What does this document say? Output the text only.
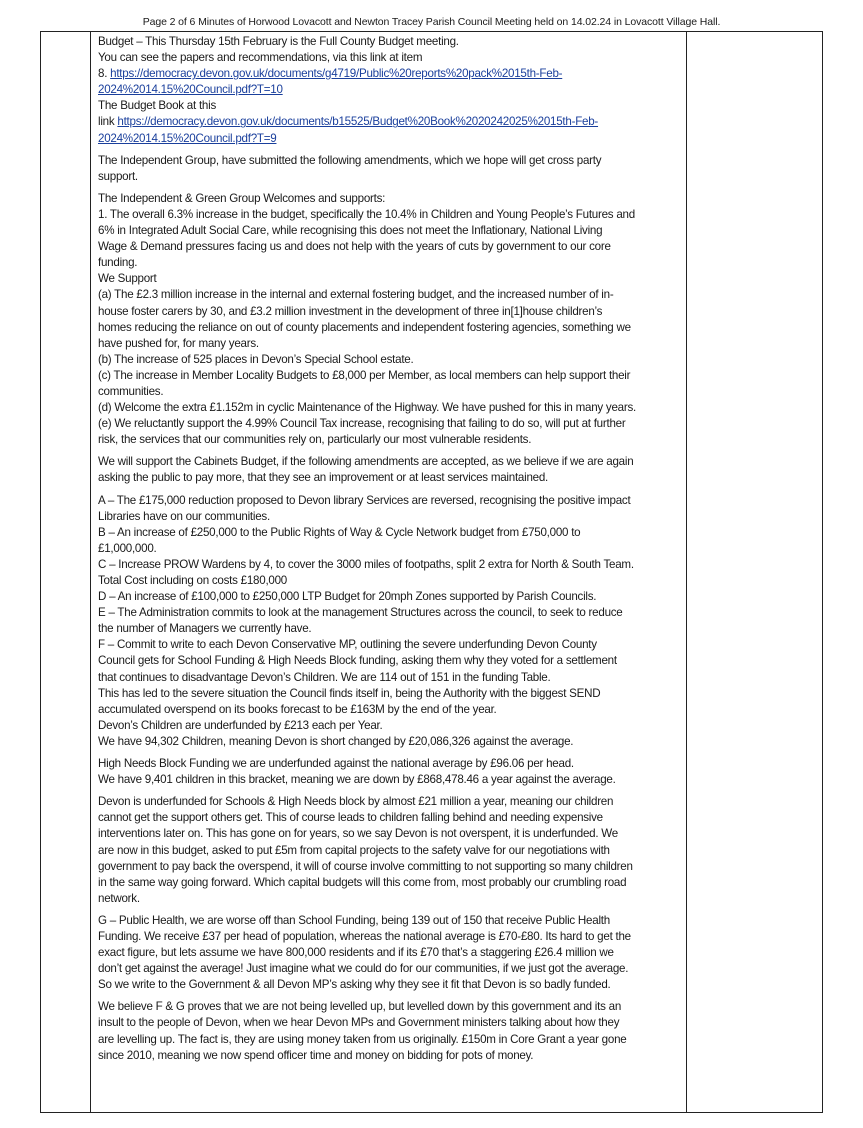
Page 2 of 6 Minutes of Horwood Lovacott and Newton Tracey Parish Council Meeting held on 14.02.24 in Lovacott Village Hall.

Budget – This Thursday 15th February is the Full County Budget meeting.

You can see the papers and recommendations, via this link at item

8. https://democracy.devon.gov.uk/documents/g4719/Public%20reports%20pack%2015th-Feb-

2024%2014.15%20Council.pdf?T=10

The Budget Book at this

link https://democracy.devon.gov.uk/documents/b15525/Budget%20Book%2020242025%2015th-Feb-

2024%2014.15%20Council.pdf?T=9

The Independent Group, have submitted the following amendments, which we hope will get cross party

support.

The Independent & Green Group Welcomes and supports:

1. The overall 6.3% increase in the budget, specifically the 10.4% in Children and Young People’s Futures and

6% in Integrated Adult Social Care, while recognising this does not meet the Inflationary, National Living

Wage & Demand pressures facing us and does not help with the years of cuts by government to our core

funding.

We Support

(a) The £2.3 million increase in the internal and external fostering budget, and the increased number of in-

house foster carers by 30, and £3.2 million investment in the development of three in[1]house children’s

homes reducing the reliance on out of county placements and independent fostering agencies, something we

have pushed for, for many years.

(b) The increase of 525 places in Devon’s Special School estate.

(c) The increase in Member Locality Budgets to £8,000 per Member, as local members can help support their

communities.

(d) Welcome the extra £1.152m in cyclic Maintenance of the Highway. We have pushed for this in many years.

(e) We reluctantly support the 4.99% Council Tax increase, recognising that failing to do so, will put at further

risk, the services that our communities rely on, particularly our most vulnerable residents.

We will support the Cabinets Budget, if the following amendments are accepted, as we believe if we are again

asking the public to pay more, that they see an improvement or at least services maintained.

A – The £175,000 reduction proposed to Devon library Services are reversed, recognising the positive impact

Libraries have on our communities.

B – An increase of £250,000 to the Public Rights of Way & Cycle Network budget from £750,000 to

£1,000,000.

C – Increase PROW Wardens by 4, to cover the 3000 miles of footpaths, split 2 extra for North & South Team.

Total Cost including on costs £180,000

D – An increase of £100,000 to £250,000 LTP Budget for 20mph Zones supported by Parish Councils.

E – The Administration commits to look at the management Structures across the council, to seek to reduce

the number of Managers we currently have.

F – Commit to write to each Devon Conservative MP, outlining the severe underfunding Devon County

Council gets for School Funding & High Needs Block funding, asking them why they voted for a settlement

that continues to disadvantage Devon’s Children. We are 114 out of 151 in the funding Table.

This has led to the severe situation the Council finds itself in, being the Authority with the biggest SEND

accumulated overspend on its books forecast to be £163M by the end of the year.

Devon’s Children are underfunded by £213 each per Year.

We have 94,302 Children, meaning Devon is short changed by £20,086,326 against the average.

High Needs Block Funding we are underfunded against the national average by £96.06 per head.

We have 9,401 children in this bracket, meaning we are down by £868,478.46 a year against the average.

Devon is underfunded for Schools & High Needs block by almost £21 million a year, meaning our children

cannot get the support others get. This of course leads to children falling behind and needing expensive

interventions later on. This has gone on for years, so we say Devon is not overspent, it is underfunded. We

are now in this budget, asked to put £5m from capital projects to the safety valve for our negotiations with

government to pay back the overspend, it will of course involve committing to not supporting so many children

in the same way going forward. Which capital budgets will this come from, most probably our crumbling road

network.

G – Public Health, we are worse off than School Funding, being 139 out of 150 that receive Public Health

Funding. We receive £37 per head of population, whereas the national average is £70-£80. Its hard to get the

exact figure, but lets assume we have 800,000 residents and if its £70 that’s a staggering £26.4 million we

don’t get against the average! Just imagine what we could do for our communities, if we just got the average.

So we write to the Government & all Devon MP’s asking why they see it fit that Devon is so badly funded.

We believe F & G proves that we are not being levelled up, but levelled down by this government and its an

insult to the people of Devon, when we hear Devon MPs and Government ministers talking about how they

are levelling up. The fact is, they are using money taken from us originally. £150m in Core Grant a year gone

since 2010, meaning we now spend officer time and money on bidding for pots of money.
